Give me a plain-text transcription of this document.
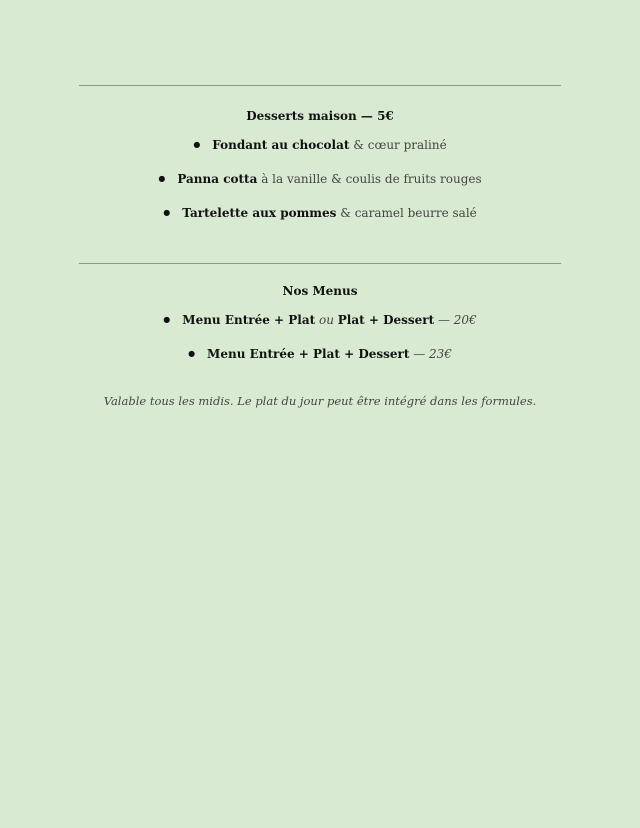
Desserts maison — 5€
● Fondant au chocolat & cœur praliné
● Panna cotta à la vanille & coulis de fruits rouges
● Tartelette aux pommes & caramel beurre salé
Nos Menus
● Menu Entrée + Plat ou Plat + Dessert — 20€
● Menu Entrée + Plat + Dessert — 23€
Valable tous les midis. Le plat du jour peut être intégré dans les formules.
